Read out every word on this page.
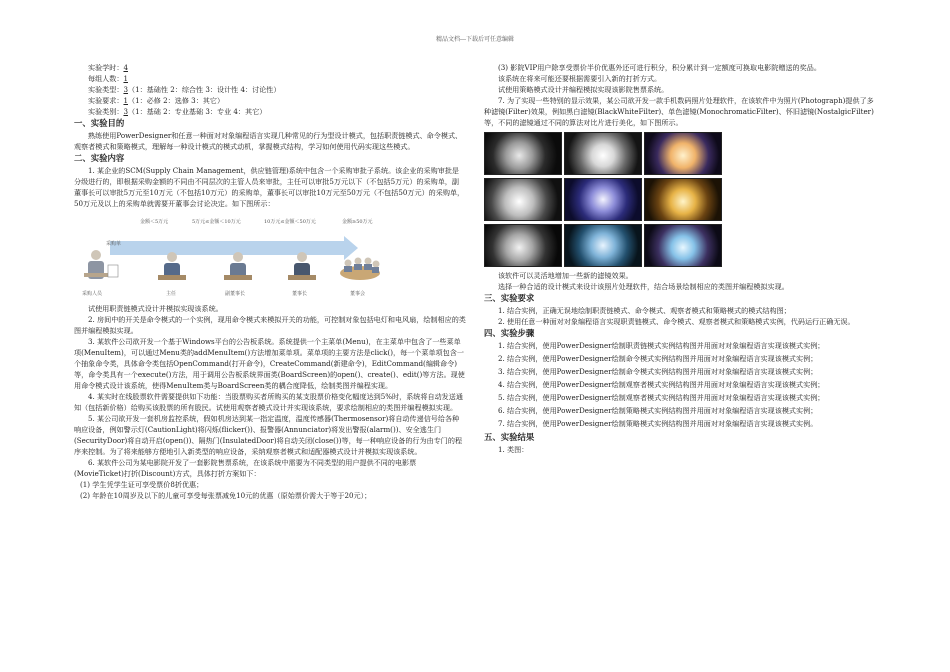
精品文档---下载后可任意编辑
实验学时：4
每组人数：1
实验类型：3（1：基础性 2：综合性 3：设计性 4：讨论性）
实验要求：1（1：必修 2：选修 3：其它）
实验类别：3（1：基础 2：专业基础 3：专业 4：其它）
一、实验目的
熟练使用PowerDesigner和任意一种面对对象编程语言实现几种常见的行为型设计模式，包括职责链模式、命令模式、观察者模式和策略模式，理解每一种设计模式的模式动机，掌握模式结构，学习如何使用代码实现这些模式。
二、实验内容
1. 某企业的SCM(Supply Chain Management，供应链管理)系统中包含一个采购审批子系统。该企业的采购审批是分级进行的，即根据采购金额的不同由不同层次的主管人员来审批，主任可以审批5万元以下（不包括5万元）的采购单，副董事长可以审批5万元至10万元（不包括10万元）的采购单，董事长可以审批10万元至50万元（不包括50万元）的采购单，50万元及以上的采购单就需要开董事会讨论决定。如下图所示：
金额＜5万元	5万元≤金额＜10万元	10万元≤金额＜50万元	金额≥50万元
采购单
采购人员	主任	副董事长	董事长	董事会
试使用职责链模式设计并模拟实现该系统。
2. 房间中的开关是命令模式的一个实例，现用命令模式来模拟开关的功能，可控制对象包括电灯和电风扇，绘制相应的类图并编程模拟实现。
3. 某软件公司欲开发一个基于Windows平台的公告板系统。系统提供一个主菜单(Menu)，在主菜单中包含了一些菜单项(MenuItem)，可以通过Menu类的addMenuItem()方法增加菜单项。菜单项的主要方法是click()，每一个菜单项包含一个抽象命令类，具体命令类包括OpenCommand(打开命令)，CreateCommand(新建命令)，EditCommand(编辑命令)等，命令类具有一个execute()方法，用于调用公告板系统界面类(BoardScreen)的open()、create()、edit()等方法。现使用命令模式设计该系统，使得MenuItem类与BoardScreen类的耦合度降低，绘制类图并编程实现。
4. 某实时在线股票软件需要提供如下功能：当股票购买者所购买的某支股票价格变化幅度达到5%时，系统将自动发送通知（包括新价格）给购买该股票的所有股民。试使用观察者模式设计并实现该系统，要求绘制相应的类图并编程模拟实现。
5. 某公司欲开发一套机房监控系统，假如机房达到某一指定温度，温度传感器(Thermosensor)将自动传递信号给各种响应设备，例如警示灯(CautionLight)将闪烁(flicker())、报警器(Annunciator)将发出警报(alarm())、安全逃生门(SecurityDoor)将自动开启(open())、隔热门(InsulatedDoor)将自动关闭(close())等，每一种响应设备的行为由专门的程序来控制。为了将来能够方便地引入新类型的响应设备，采纳观察者模式和适配器模式设计并模拟实现该系统。
6. 某软件公司为某电影院开发了一套影院售票系统，在该系统中需要为不同类型的用户提供不同的电影票(MovieTicket)打折(Discount)方式，具体打折方案如下：
(1) 学生凭学生证可享受票价8折优惠；
(2) 年龄在10周岁及以下的儿童可享受每张票减免10元的优惠（原始票价需大于等于20元）；
(3) 影院VIP用户除享受票价半价优惠外还可进行积分，积分累计到一定额度可换取电影院赠送的奖品。
该系统在将来可能还要根据需要引入新的打折方式。
试使用策略模式设计并编程模拟实现该影院售票系统。
7. 为了实现一些特别的显示效果，某公司欲开发一款手机数码照片处理软件，在该软件中为照片(Photograph)提供了多种滤镜(Filter)效果，例如黑白滤镜(BlackWhiteFilter)、单色滤镜(MonochromaticFilter)、怀旧滤镜(NostalgicFilter)等，不同的滤镜通过不同的算法对比片进行美化，如下图所示。
该软件可以灵活地增加一些新的滤镜效果。
选择一种合适的设计模式来设计该照片处理软件，结合场景绘制相应的类图并编程模拟实现。
三、实验要求
1. 结合实例，正确无误地绘制职责链模式、命令模式、观察者模式和策略模式的模式结构图；
2. 使用任意一种面对对象编程语言实现职责链模式、命令模式、观察者模式和策略模式实例，代码运行正确无误。
四、实验步骤
1. 结合实例，使用PowerDesigner绘制职责链模式实例结构图并用面对对象编程语言实现该模式实例；
2. 结合实例，使用PowerDesigner绘制命令模式实例结构图并用面对对象编程语言实现该模式实例；
3. 结合实例，使用PowerDesigner绘制命令模式实例结构图并用面对对象编程语言实现该模式实例；
4. 结合实例，使用PowerDesigner绘制观察者模式实例结构图并用面对对象编程语言实现该模式实例；
5. 结合实例，使用PowerDesigner绘制观察者模式实例结构图并用面对对象编程语言实现该模式实例；
6. 结合实例，使用PowerDesigner绘制策略模式实例结构图并用面对对象编程语言实现该模式实例；
7. 结合实例，使用PowerDesigner绘制策略模式实例结构图并用面对对象编程语言实现该模式实例。
五、实验结果
1. 类图：
